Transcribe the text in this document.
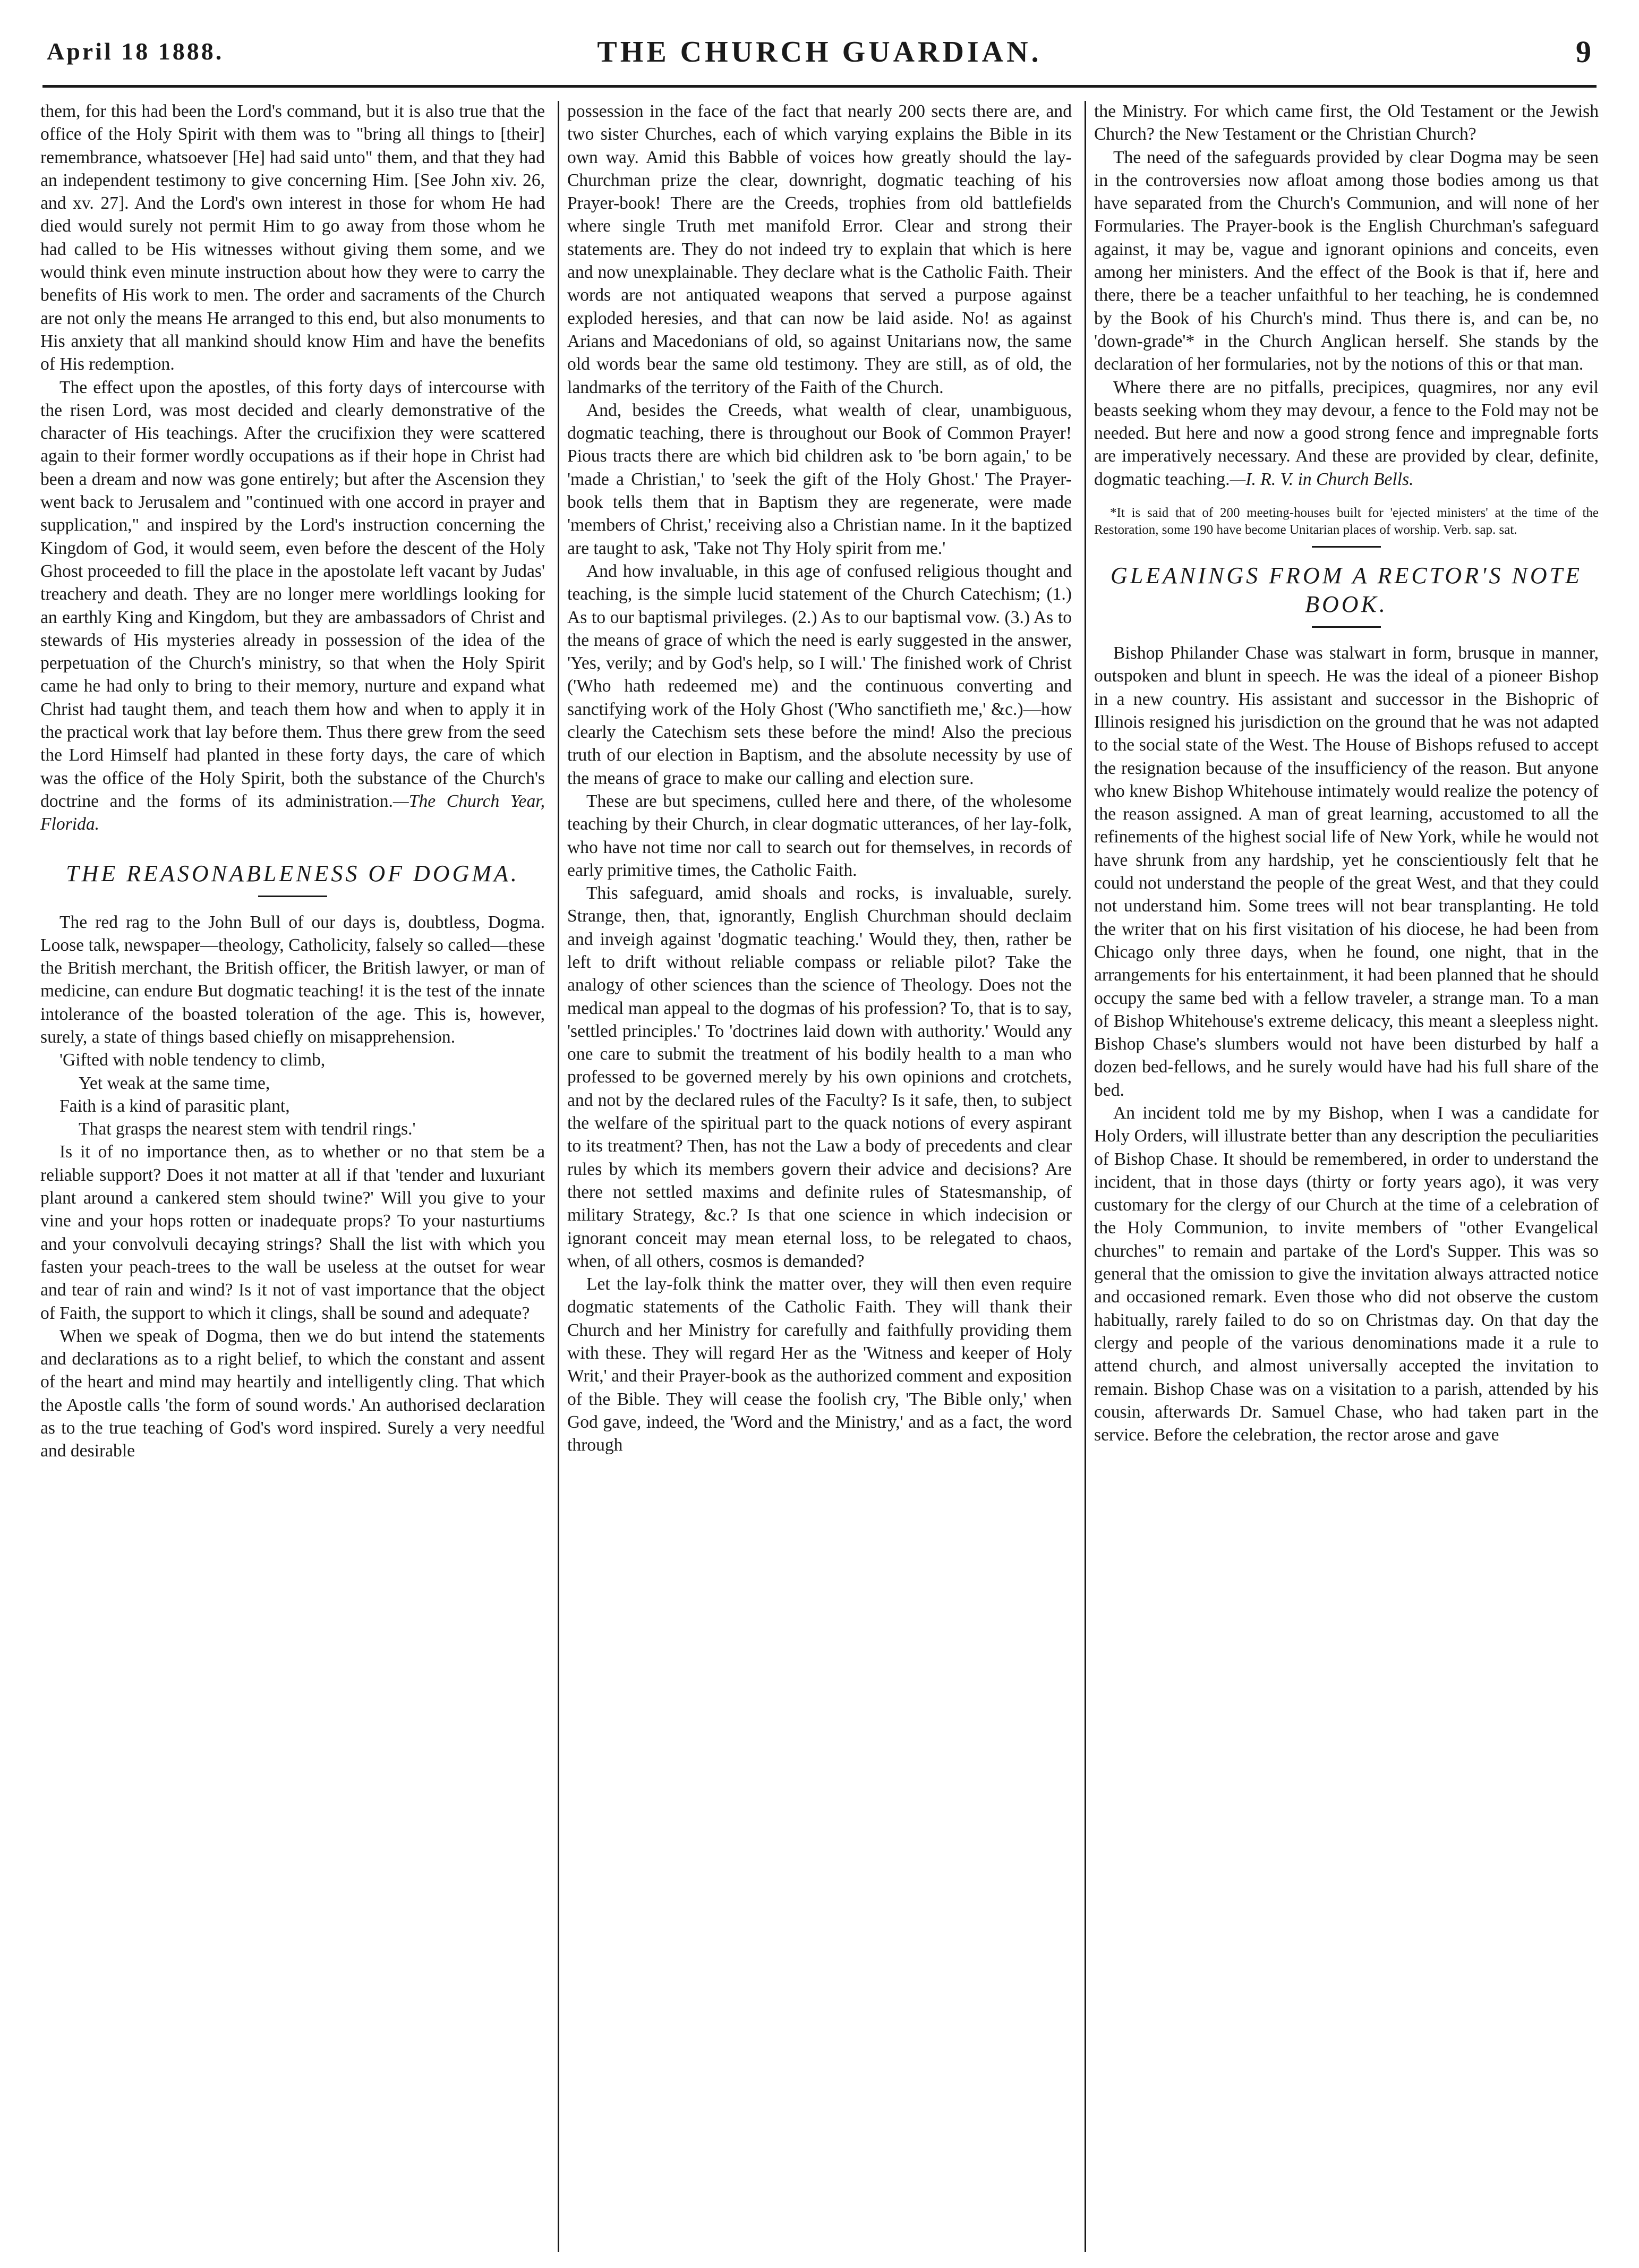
April 18 1888.	THE CHURCH GUARDIAN.	9

them, for this had been the Lord's command, but it is also true that the office of the Holy Spirit with them was to "bring all things to [their] remembrance, whatsoever [He] had said unto" them, and that they had an independent testimony to give concerning Him. [See John xiv. 26, and xv. 27]. And the Lord's own interest in those for whom He had died would surely not permit Him to go away from those whom he had called to be His witnesses without giving them some, and we would think even minute instruction about how they were to carry the benefits of His work to men. The order and sacraments of the Church are not only the means He arranged to this end, but also monuments to His anxiety that all mankind should know Him and have the benefits of His redemption.

The effect upon the apostles, of this forty days of intercourse with the risen Lord, was most decided and clearly demonstrative of the character of His teachings. After the crucifixion they were scattered again to their former wordly occupations as if their hope in Christ had been a dream and now was gone entirely; but after the Ascension they went back to Jerusalem and "continued with one accord in prayer and supplication," and inspired by the Lord's instruction concerning the Kingdom of God, it would seem, even before the descent of the Holy Ghost proceeded to fill the place in the apostolate left vacant by Judas' treachery and death. They are no longer mere worldlings looking for an earthly King and Kingdom, but they are ambassadors of Christ and stewards of His mysteries already in possession of the idea of the perpetuation of the Church's ministry, so that when the Holy Spirit came he had only to bring to their memory, nurture and expand what Christ had taught them, and teach them how and when to apply it in the practical work that lay before them. Thus there grew from the seed the Lord Himself had planted in these forty days, the care of which was the office of the Holy Spirit, both the substance of the Church's doctrine and the forms of its administration.—The Church Year, Florida.

THE REASONABLENESS OF DOGMA.

The red rag to the John Bull of our days is, doubtless, Dogma. Loose talk, newspaper—theology, Catholicity, falsely so called—these the British merchant, the British officer, the British lawyer, or man of medicine, can endure But dogmatic teaching! it is the test of the innate intolerance of the boasted toleration of the age. This is, however, surely, a state of things based chiefly on misapprehension.

'Gifted with noble tendency to climb,
Yet weak at the same time,
Faith is a kind of parasitic plant,
That grasps the nearest stem with tendril rings.'

Is it of no importance then, as to whether or no that stem be a reliable support? Does it not matter at all if that 'tender and luxuriant plant around a cankered stem should twine?' Will you give to your vine and your hops rotten or inadequate props? To your nasturtiums and your convolvuli decaying strings? Shall the list with which you fasten your peach-trees to the wall be useless at the outset for wear and tear of rain and wind? Is it not of vast importance that the object of Faith, the support to which it clings, shall be sound and adequate?

When we speak of Dogma, then we do but intend the statements and declarations as to a right belief, to which the constant and assent of the heart and mind may heartily and intelligently cling. That which the Apostle calls 'the form of sound words.' An authorised declaration as to the true teaching of God's word inspired. Surely a very needful and desirable

possession in the face of the fact that nearly 200 sects there are, and two sister Churches, each of which varying explains the Bible in its own way. Amid this Babble of voices how greatly should the lay-Churchman prize the clear, downright, dogmatic teaching of his Prayer-book! There are the Creeds, trophies from old battlefields where single Truth met manifold Error. Clear and strong their statements are. They do not indeed try to explain that which is here and now unexplainable. They declare what is the Catholic Faith. Their words are not antiquated weapons that served a purpose against exploded heresies, and that can now be laid aside. No! as against Arians and Macedonians of old, so against Unitarians now, the same old words bear the same old testimony. They are still, as of old, the landmarks of the territory of the Faith of the Church.

And, besides the Creeds, what wealth of clear, unambiguous, dogmatic teaching, there is throughout our Book of Common Prayer! Pious tracts there are which bid children ask to 'be born again,' to be 'made a Christian,' to 'seek the gift of the Holy Ghost.' The Prayer-book tells them that in Baptism they are regenerate, were made 'members of Christ,' receiving also a Christian name. In it the baptized are taught to ask, 'Take not Thy Holy spirit from me.'

And how invaluable, in this age of confused religious thought and teaching, is the simple lucid statement of the Church Catechism; (1.) As to our baptismal privileges. (2.) As to our baptismal vow. (3.) As to the means of grace of which the need is early suggested in the answer, 'Yes, verily; and by God's help, so I will.' The finished work of Christ ('Who hath redeemed me) and the continuous converting and sanctifying work of the Holy Ghost ('Who sanctifieth me,' &c.)—how clearly the Catechism sets these before the mind! Also the precious truth of our election in Baptism, and the absolute necessity by use of the means of grace to make our calling and election sure.

These are but specimens, culled here and there, of the wholesome teaching by their Church, in clear dogmatic utterances, of her lay-folk, who have not time nor call to search out for themselves, in records of early primitive times, the Catholic Faith.

This safeguard, amid shoals and rocks, is invaluable, surely. Strange, then, that, ignorantly, English Churchman should declaim and inveigh against 'dogmatic teaching.' Would they, then, rather be left to drift without reliable compass or reliable pilot? Take the analogy of other sciences than the science of Theology. Does not the medical man appeal to the dogmas of his profession? To, that is to say, 'settled principles.' To 'doctrines laid down with authority.' Would any one care to submit the treatment of his bodily health to a man who professed to be governed merely by his own opinions and crotchets, and not by the declared rules of the Faculty? Is it safe, then, to subject the welfare of the spiritual part to the quack notions of every aspirant to its treatment? Then, has not the Law a body of precedents and clear rules by which its members govern their advice and decisions? Are there not settled maxims and definite rules of Statesmanship, of military Strategy, &c.? Is that one science in which indecision or ignorant conceit may mean eternal loss, to be relegated to chaos, when, of all others, cosmos is demanded?

Let the lay-folk think the matter over, they will then even require dogmatic statements of the Catholic Faith. They will thank their Church and her Ministry for carefully and faithfully providing them with these. They will regard Her as the 'Witness and keeper of Holy Writ,' and their Prayer-book as the authorized comment and exposition of the Bible. They will cease the foolish cry, 'The Bible only,' when God gave, indeed, the 'Word and the Ministry,' and as a fact, the word through

the Ministry. For which came first, the Old Testament or the Jewish Church? the New Testament or the Christian Church?

The need of the safeguards provided by clear Dogma may be seen in the controversies now afloat among those bodies among us that have separated from the Church's Communion, and will none of her Formularies. The Prayer-book is the English Churchman's safeguard against, it may be, vague and ignorant opinions and conceits, even among her ministers. And the effect of the Book is that if, here and there, there be a teacher unfaithful to her teaching, he is condemned by the Book of his Church's mind. Thus there is, and can be, no 'down-grade'* in the Church Anglican herself. She stands by the declaration of her formularies, not by the notions of this or that man.

Where there are no pitfalls, precipices, quagmires, nor any evil beasts seeking whom they may devour, a fence to the Fold may not be needed. But here and now a good strong fence and impregnable forts are imperatively necessary. And these are provided by clear, definite, dogmatic teaching.—I. R. V. in Church Bells.

*It is said that of 200 meeting-houses built for 'ejected ministers' at the time of the Restoration, some 190 have become Unitarian places of worship. Verb. sap. sat.

GLEANINGS FROM A RECTOR'S NOTE BOOK.

Bishop Philander Chase was stalwart in form, brusque in manner, outspoken and blunt in speech. He was the ideal of a pioneer Bishop in a new country. His assistant and successor in the Bishopric of Illinois resigned his jurisdiction on the ground that he was not adapted to the social state of the West. The House of Bishops refused to accept the resignation because of the insufficiency of the reason. But anyone who knew Bishop Whitehouse intimately would realize the potency of the reason assigned. A man of great learning, accustomed to all the refinements of the highest social life of New York, while he would not have shrunk from any hardship, yet he conscientiously felt that he could not understand the people of the great West, and that they could not understand him. Some trees will not bear transplanting. He told the writer that on his first visitation of his diocese, he had been from Chicago only three days, when he found, one night, that in the arrangements for his entertainment, it had been planned that he should occupy the same bed with a fellow traveler, a strange man. To a man of Bishop Whitehouse's extreme delicacy, this meant a sleepless night. Bishop Chase's slumbers would not have been disturbed by half a dozen bed-fellows, and he surely would have had his full share of the bed.

An incident told me by my Bishop, when I was a candidate for Holy Orders, will illustrate better than any description the peculiarities of Bishop Chase. It should be remembered, in order to understand the incident, that in those days (thirty or forty years ago), it was very customary for the clergy of our Church at the time of a celebration of the Holy Communion, to invite members of "other Evangelical churches" to remain and partake of the Lord's Supper. This was so general that the omission to give the invitation always attracted notice and occasioned remark. Even those who did not observe the custom habitually, rarely failed to do so on Christmas day. On that day the clergy and people of the various denominations made it a rule to attend church, and almost universally accepted the invitation to remain. Bishop Chase was on a visitation to a parish, attended by his cousin, afterwards Dr. Samuel Chase, who had taken part in the service. Before the celebration, the rector arose and gave
